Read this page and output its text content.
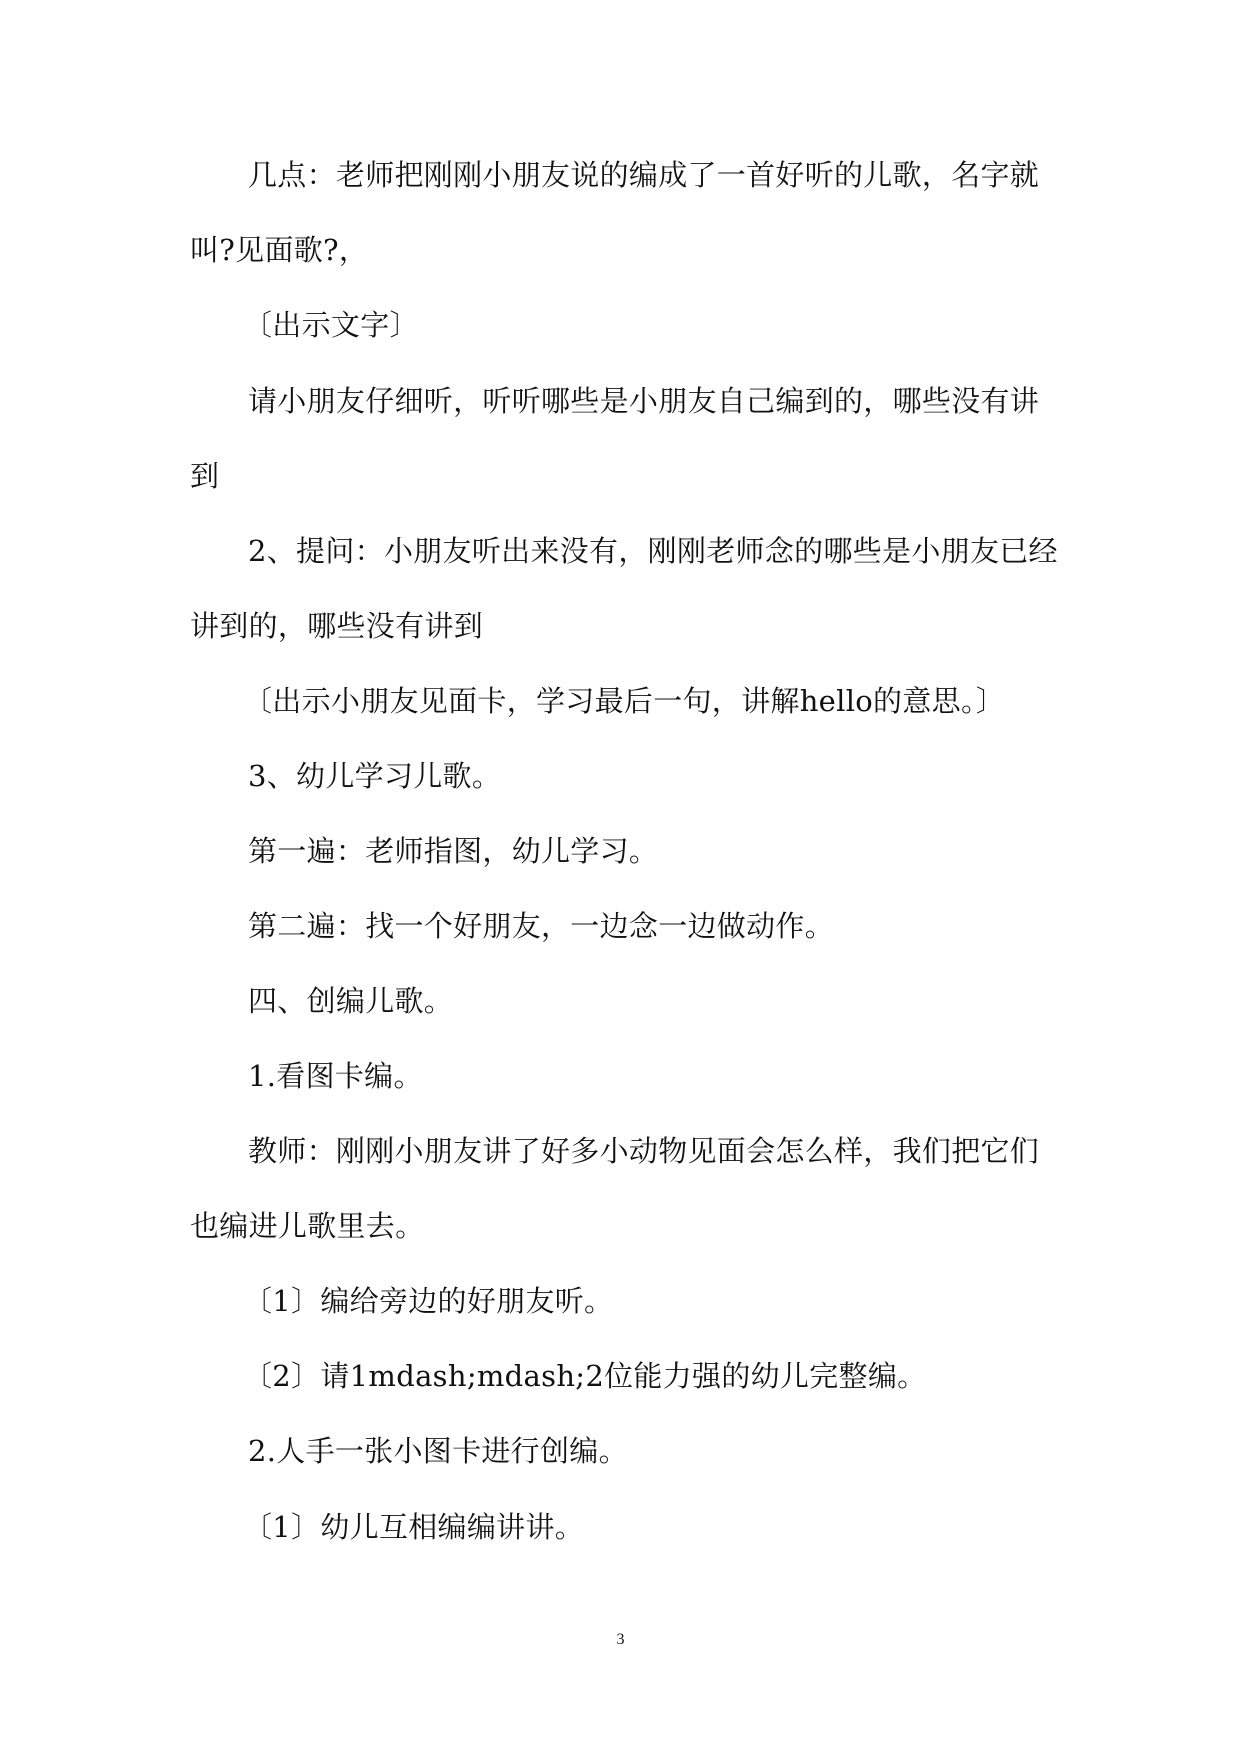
几点：老师把刚刚小朋友说的编成了一首好听的儿歌，名字就
叫?见面歌?，
〔出示文字〕
请小朋友仔细听，听听哪些是小朋友自己编到的，哪些没有讲
到
2、提问：小朋友听出来没有，刚刚老师念的哪些是小朋友已经
讲到的，哪些没有讲到
〔出示小朋友见面卡，学习最后一句，讲解hello的意思。〕
3、幼儿学习儿歌。
第一遍：老师指图，幼儿学习。
第二遍：找一个好朋友，一边念一边做动作。
四、创编儿歌。
1.看图卡编。
教师：刚刚小朋友讲了好多小动物见面会怎么样，我们把它们
也编进儿歌里去。
〔1〕编给旁边的好朋友听。
〔2〕请1mdash;mdash;2位能力强的幼儿完整编。
2.人手一张小图卡进行创编。
〔1〕幼儿互相编编讲讲。
3
